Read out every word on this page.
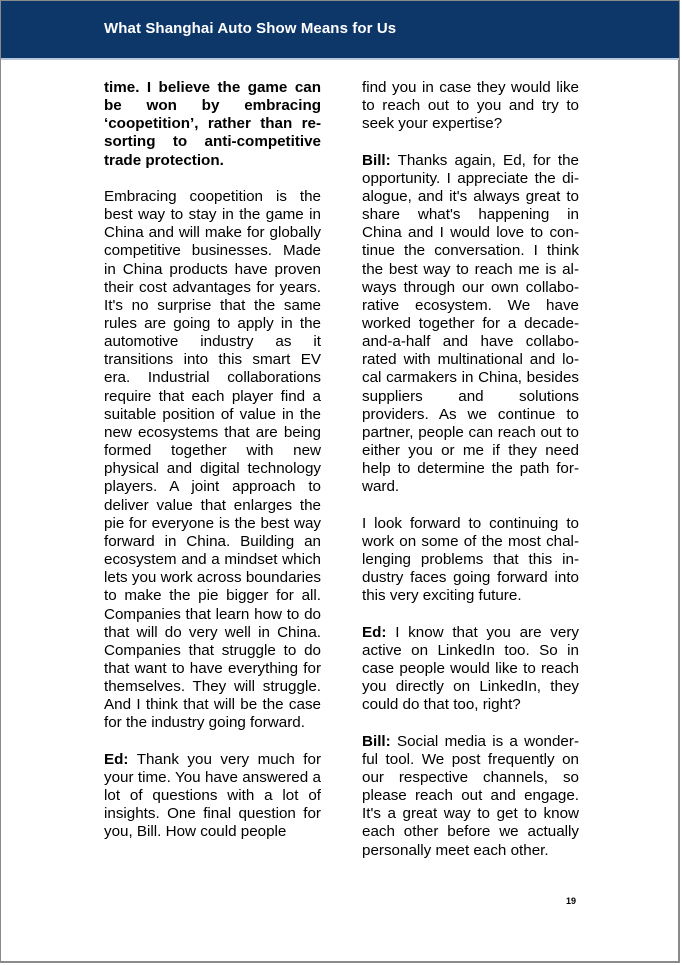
What Shanghai Auto Show Means for Us

time. I believe the game can be won by embracing ‘coopetition’, rather than resorting to anti-competitive trade protection.

Embracing coopetition is the best way to stay in the game in China and will make for globally competitive businesses. Made in China products have proven their cost advantages for years. It's no surprise that the same rules are going to apply in the automotive industry as it transitions into this smart EV era. Industrial collaborations require that each player find a suitable position of value in the new ecosystems that are being formed together with new physical and digital technology players. A joint approach to deliver value that enlarges the pie for everyone is the best way forward in China. Building an ecosystem and a mindset which lets you work across boundaries to make the pie bigger for all. Companies that learn how to do that will do very well in China. Companies that struggle to do that want to have everything for themselves. They will struggle. And I think that will be the case for the industry going forward.

Ed: Thank you very much for your time. You have answered a lot of questions with a lot of insights. One final question for you, Bill. How could people

find you in case they would like to reach out to you and try to seek your expertise?

Bill: Thanks again, Ed, for the opportunity. I appreciate the dialogue, and it's always great to share what's happening in China and I would love to continue the conversation. I think the best way to reach me is always through our own collaborative ecosystem. We have worked together for a decade-and-a-half and have collaborated with multinational and local carmakers in China, besides suppliers and solutions providers. As we continue to partner, people can reach out to either you or me if they need help to determine the path forward.

I look forward to continuing to work on some of the most challenging problems that this industry faces going forward into this very exciting future.

Ed: I know that you are very active on LinkedIn too. So in case people would like to reach you directly on LinkedIn, they could do that too, right?

Bill: Social media is a wonderful tool. We post frequently on our respective channels, so please reach out and engage. It's a great way to get to know each other before we actually personally meet each other.

19
